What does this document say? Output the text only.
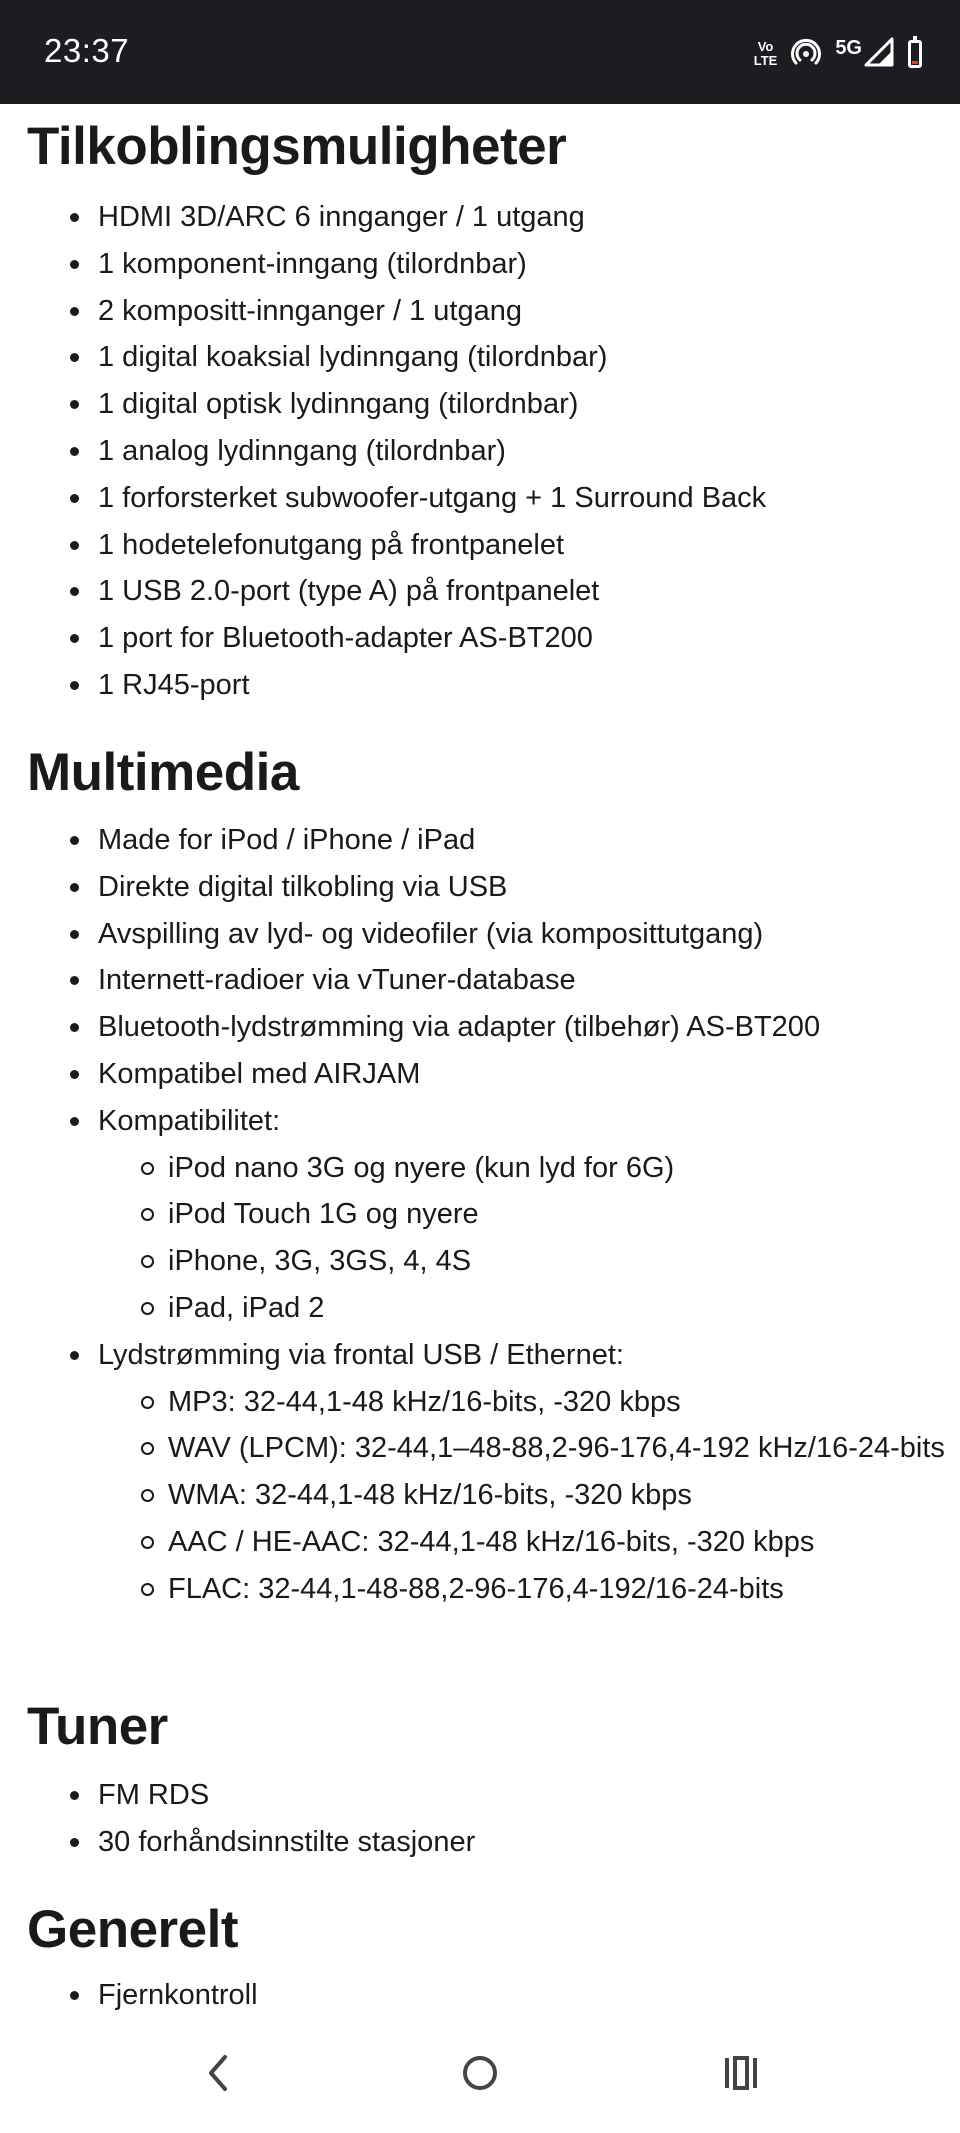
23:37	Vo
LTE
5G
Tilkoblingsmuligheter
HDMI 3D/ARC 6 innganger / 1 utgang
1 komponent-inngang (tilordnbar)
2 kompositt-innganger / 1 utgang
1 digital koaksial lydinngang (tilordnbar)
1 digital optisk lydinngang (tilordnbar)
1 analog lydinngang (tilordnbar)
1 forforsterket subwoofer-utgang + 1 Surround Back
1 hodetelefonutgang på frontpanelet
1 USB 2.0-port (type A) på frontpanelet
1 port for Bluetooth-adapter AS-BT200
1 RJ45-port
Multimedia
Made for iPod / iPhone / iPad
Direkte digital tilkobling via USB
Avspilling av lyd- og videofiler (via komposittutgang)
Internett-radioer via vTuner-database
Bluetooth-lydstrømming via adapter (tilbehør) AS-BT200
Kompatibel med AIRJAM
Kompatibilitet:
iPod nano 3G og nyere (kun lyd for 6G)
iPod Touch 1G og nyere
iPhone, 3G, 3GS, 4, 4S
iPad, iPad 2
Lydstrømming via frontal USB / Ethernet:
MP3: 32-44,1-48 kHz/16-bits, -320 kbps
WAV (LPCM): 32-44,1–48-88,2-96-176,4-192 kHz/16-24-bits
WMA: 32-44,1-48 kHz/16-bits, -320 kbps
AAC / HE-AAC: 32-44,1-48 kHz/16-bits, -320 kbps
FLAC: 32-44,1-48-88,2-96-176,4-192/16-24-bits
Tuner
FM RDS
30 forhåndsinnstilte stasjoner
Generelt
Fjernkontroll
